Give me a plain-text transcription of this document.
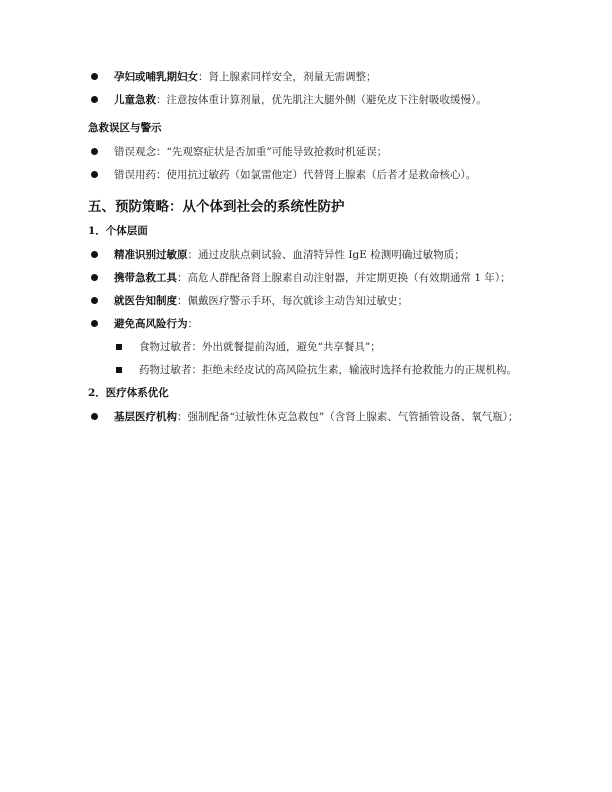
孕妇或哺乳期妇女：肾上腺素同样安全，剂量无需调整；
儿童急救：注意按体重计算剂量，优先肌注大腿外侧（避免皮下注射吸收缓慢）。
急救误区与警示
错误观念：“先观察症状是否加重”可能导致抢救时机延误；
错误用药：使用抗过敏药（如氯雷他定）代替肾上腺素（后者才是救命核心）。
五、预防策略：从个体到社会的系统性防护
1．个体层面
精准识别过敏原：通过皮肤点刺试验、血清特异性 IgE 检测明确过敏物质；
携带急救工具：高危人群配备肾上腺素自动注射器，并定期更换（有效期通常 1 年）；
就医告知制度：佩戴医疗警示手环，每次就诊主动告知过敏史；
避免高风险行为：
食物过敏者：外出就餐提前沟通，避免“共享餐具”；
药物过敏者：拒绝未经皮试的高风险抗生素，输液时选择有抢救能力的正规机构。
2．医疗体系优化
基层医疗机构：强制配备“过敏性休克急救包”（含肾上腺素、气管插管设备、氧气瓶）；
